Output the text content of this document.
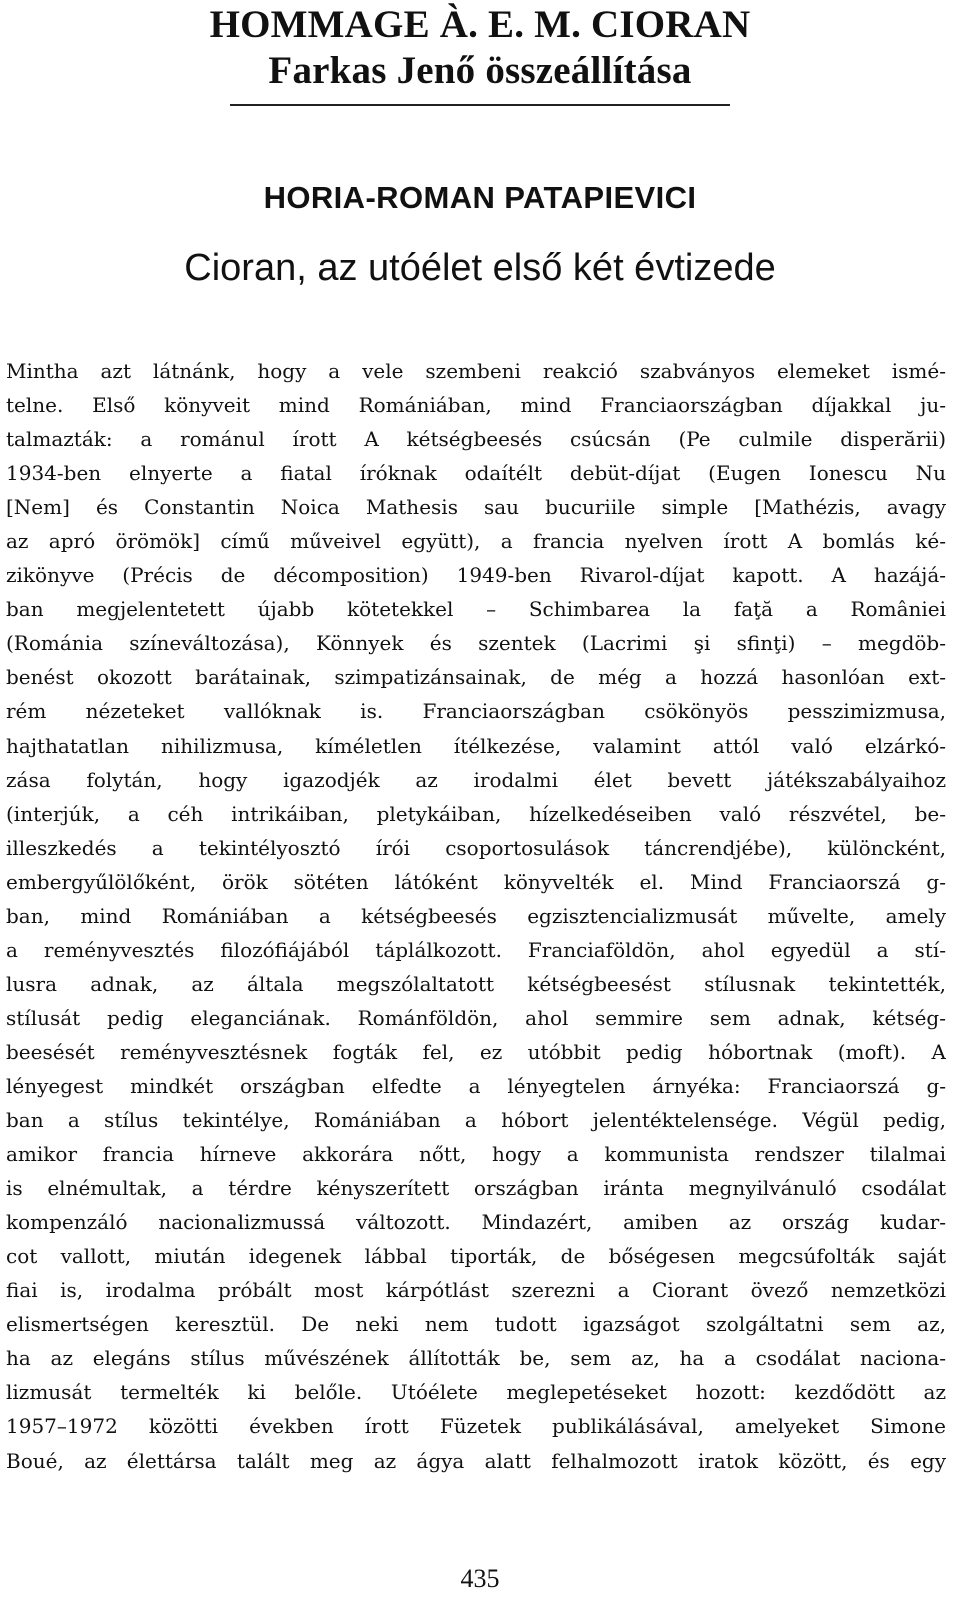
HOMMAGE À. E. M. CIORAN
Farkas Jenő összeállítása
HORIA-ROMAN PATAPIEVICI
Cioran, az utóélet első két évtizede
Mintha azt látnánk, hogy a vele szembeni reakció szabványos elemeket ismé-
telne. Első könyveit mind Romániában, mind Franciaországban díjakkal ju-
talmazták: a románul írott A kétségbeesés csúcsán (Pe culmile disperării)
1934-ben elnyerte a fiatal íróknak odaítélt debüt-díjat (Eugen Ionescu Nu
[Nem] és Constantin Noica Mathesis sau bucuriile simple [Mathézis, avagy
az apró örömök] című műveivel együtt), a francia nyelven írott A bomlás ké-
zikönyve (Précis de décomposition) 1949-ben Rivarol-díjat kapott. A hazájá-
ban megjelentetett újabb kötetekkel – Schimbarea la faţă a României
(Románia színeváltozása), Könnyek és szentek (Lacrimi şi sfinţi) – megdöb-
benést okozott barátainak, szimpatizánsainak, de még a hozzá hasonlóan ext-
rém nézeteket vallóknak is. Franciaországban csökönyös pesszimizmusa,
hajthatatlan nihilizmusa, kíméletlen ítélkezése, valamint attól való elzárkó-
zása folytán, hogy igazodjék az irodalmi élet bevett játékszabályaihoz
(interjúk, a céh intrikáiban, pletykáiban, hízelkedéseiben való részvétel, be-
illeszkedés a tekintélyosztó írói csoportosulások táncrendjébe), különcként,
embergyűlölőként, örök sötéten látóként könyvelték el. Mind Franciaorszá g-
ban, mind Romániában a kétségbeesés egzisztencializmusát művelte, amely
a reményvesztés filozófiájából táplálkozott. Franciaföldön, ahol egyedül a stí-
lusra adnak, az általa megszólaltatott kétségbeesést stílusnak tekintették,
stílusát pedig eleganciának. Románföldön, ahol semmire sem adnak, kétség-
beesését reményvesztésnek fogták fel, ez utóbbit pedig hóbortnak (moft). A
lényegest mindkét országban elfedte a lényegtelen árnyéka: Franciaorszá g-
ban a stílus tekintélye, Romániában a hóbort jelentéktelensége. Végül pedig,
amikor francia hírneve akkorára nőtt, hogy a kommunista rendszer tilalmai
is elnémultak, a térdre kényszerített országban iránta megnyilvánuló csodálat
kompenzáló nacionalizmussá változott. Mindazért, amiben az ország kudar-
cot vallott, miután idegenek lábbal tiporták, de bőségesen megcsúfolták saját
fiai is, irodalma próbált most kárpótlást szerezni a Ciorant övező nemzetközi
elismertségen keresztül. De neki nem tudott igazságot szolgáltatni sem az,
ha az elegáns stílus művészének állították be, sem az, ha a csodálat naciona-
lizmusát termelték ki belőle. Utóélete meglepetéseket hozott: kezdődött az
1957–1972 közötti években írott Füzetek publikálásával, amelyeket Simone
Boué, az élettársa talált meg az ágya alatt felhalmozott iratok között, és egy
435
